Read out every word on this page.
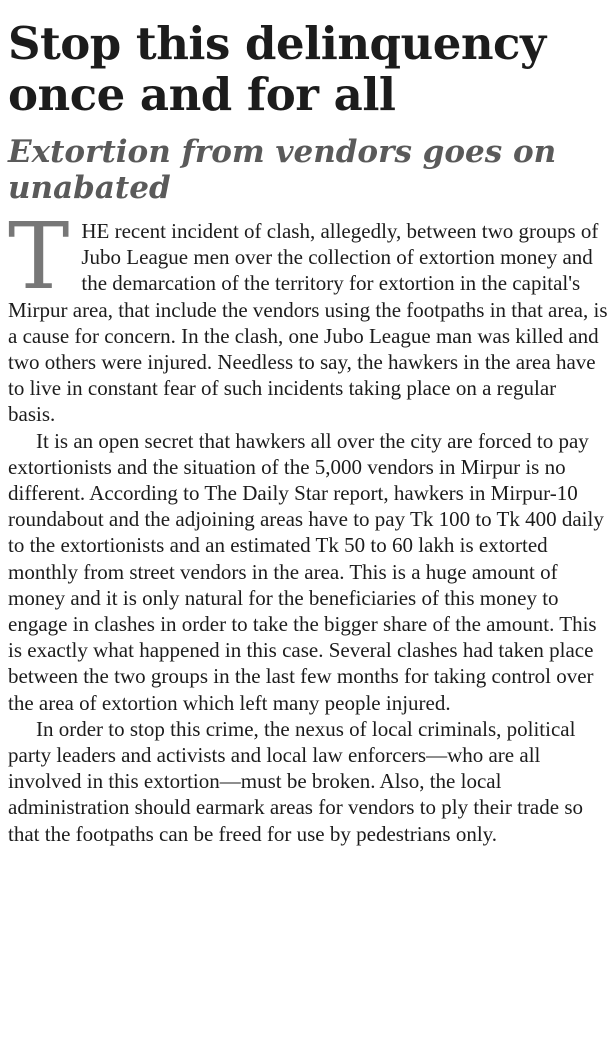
Stop this delinquency
once and for all
Extortion from vendors goes on
unabated

THE recent incident of clash, allegedly, between two groups of Jubo League men over the collection of extortion money and the demarcation of the territory for extortion in the capital's Mirpur area, that include the vendors using the footpaths in that area, is a cause for concern. In the clash, one Jubo League man was killed and two others were injured. Needless to say, the hawkers in the area have to live in constant fear of such incidents taking place on a regular basis.

It is an open secret that hawkers all over the city are forced to pay extortionists and the situation of the 5,000 vendors in Mirpur is no different. According to The Daily Star report, hawkers in Mirpur-10 roundabout and the adjoining areas have to pay Tk 100 to Tk 400 daily to the extortionists and an estimated Tk 50 to 60 lakh is extorted monthly from street vendors in the area. This is a huge amount of money and it is only natural for the beneficiaries of this money to engage in clashes in order to take the bigger share of the amount. This is exactly what happened in this case. Several clashes had taken place between the two groups in the last few months for taking control over the area of extortion which left many people injured.

In order to stop this crime, the nexus of local criminals, political party leaders and activists and local law enforcers—who are all involved in this extortion—must be broken. Also, the local administration should earmark areas for vendors to ply their trade so that the footpaths can be freed for use by pedestrians only.
